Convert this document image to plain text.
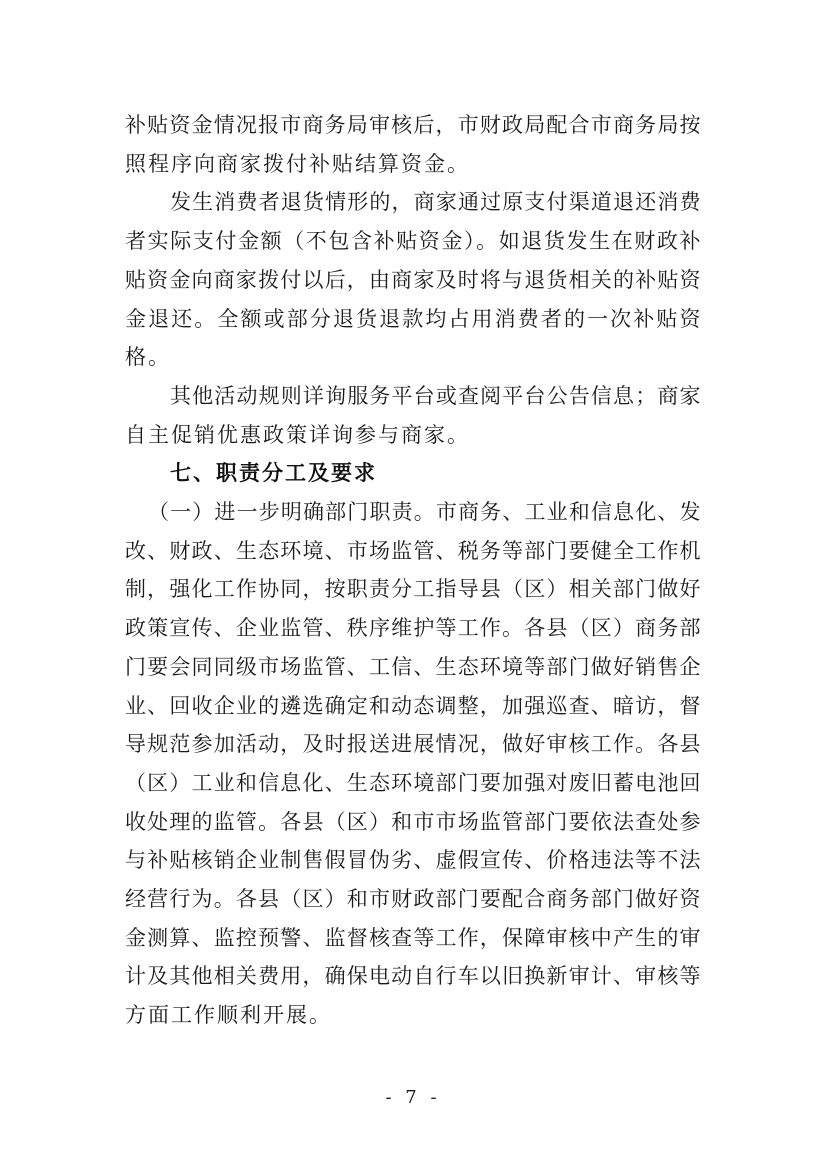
补贴资金情况报市商务局审核后，市财政局配合市商务局按
照程序向商家拨付补贴结算资金。
发生消费者退货情形的，商家通过原支付渠道退还消费
者实际支付金额（不包含补贴资金）。如退货发生在财政补
贴资金向商家拨付以后，由商家及时将与退货相关的补贴资
金退还。全额或部分退货退款均占用消费者的一次补贴资
格。
其他活动规则详询服务平台或查阅平台公告信息；商家
自主促销优惠政策详询参与商家。
七、职责分工及要求
（一）进一步明确部门职责。市商务、工业和信息化、发
改、财政、生态环境、市场监管、税务等部门要健全工作机
制，强化工作协同，按职责分工指导县（区）相关部门做好
政策宣传、企业监管、秩序维护等工作。各县（区）商务部
门要会同同级市场监管、工信、生态环境等部门做好销售企
业、回收企业的遴选确定和动态调整，加强巡查、暗访，督
导规范参加活动，及时报送进展情况，做好审核工作。各县
（区）工业和信息化、生态环境部门要加强对废旧蓄电池回
收处理的监管。各县（区）和市市场监管部门要依法查处参
与补贴核销企业制售假冒伪劣、虚假宣传、价格违法等不法
经营行为。各县（区）和市财政部门要配合商务部门做好资
金测算、监控预警、监督核查等工作，保障审核中产生的审
计及其他相关费用，确保电动自行车以旧换新审计、审核等
方面工作顺利开展。
- 7 -
